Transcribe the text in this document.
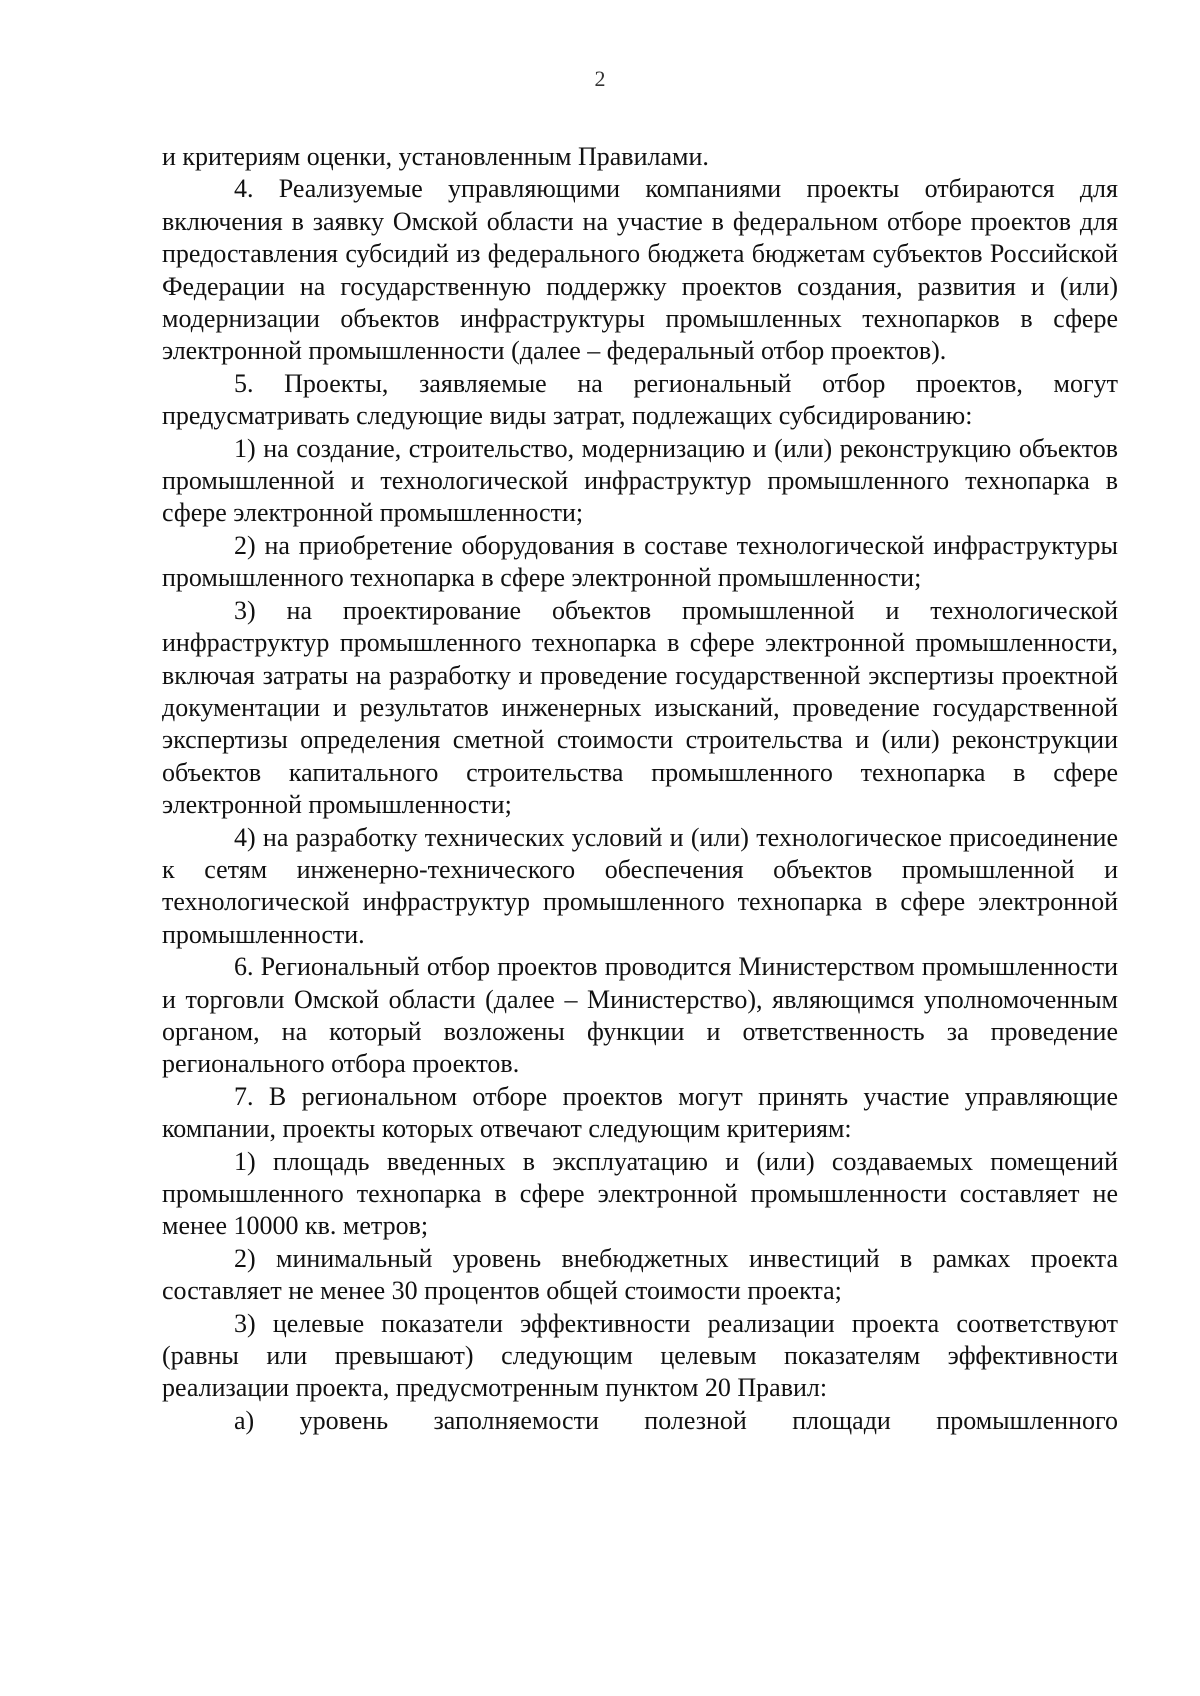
2

и критериям оценки, установленным Правилами.

4. Реализуемые управляющими компаниями проекты отбираются для включения в заявку Омской области на участие в федеральном отборе проектов для предоставления субсидий из федерального бюджета бюджетам субъектов Российской Федерации на государственную поддержку проектов создания, развития и (или) модернизации объектов инфраструктуры промышленных технопарков в сфере электронной промышленности (далее – федеральный отбор проектов).

5. Проекты, заявляемые на региональный отбор проектов, могут предусматривать следующие виды затрат, подлежащих субсидированию:

1) на создание, строительство, модернизацию и (или) реконструкцию объектов промышленной и технологической инфраструктур промышленного технопарка в сфере электронной промышленности;

2) на приобретение оборудования в составе технологической инфраструктуры промышленного технопарка в сфере электронной промышленности;

3) на проектирование объектов промышленной и технологической инфраструктур промышленного технопарка в сфере электронной промышленности, включая затраты на разработку и проведение государственной экспертизы проектной документации и результатов инженерных изысканий, проведение государственной экспертизы определения сметной стоимости строительства и (или) реконструкции объектов капитального строительства промышленного технопарка в сфере электронной промышленности;

4) на разработку технических условий и (или) технологическое присоединение к сетям инженерно-технического обеспечения объектов промышленной и технологической инфраструктур промышленного технопарка в сфере электронной промышленности.

6. Региональный отбор проектов проводится Министерством промышленности и торговли Омской области (далее – Министерство), являющимся уполномоченным органом, на который возложены функции и ответственность за проведение регионального отбора проектов.

7. В региональном отборе проектов могут принять участие управляющие компании, проекты которых отвечают следующим критериям:

1) площадь введенных в эксплуатацию и (или) создаваемых помещений промышленного технопарка в сфере электронной промышленности составляет не менее 10000 кв. метров;

2) минимальный уровень внебюджетных инвестиций в рамках проекта составляет не менее 30 процентов общей стоимости проекта;

3) целевые показатели эффективности реализации проекта соответствуют (равны или превышают) следующим целевым показателям эффективности реализации проекта, предусмотренным пунктом 20 Правил:

а) уровень заполняемости полезной площади промышленного
